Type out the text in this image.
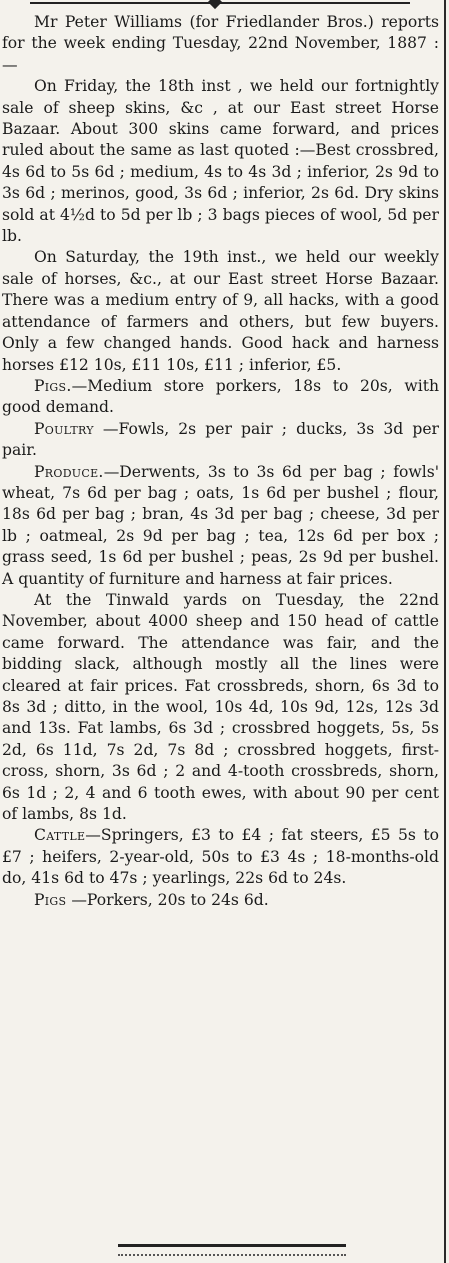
Mr Peter Williams (for Friedlander Bros.) reports for the week ending Tuesday, 22nd November, 1887 :—

On Friday, the 18th inst , we held our fortnightly sale of sheep skins, &c , at our East street Horse Bazaar. About 300 skins came forward, and prices ruled about the same as last quoted :—Best crossbred, 4s 6d to 5s 6d ; medium, 4s to 4s 3d ; inferior, 2s 9d to 3s 6d ; merinos, good, 3s 6d ; inferior, 2s 6d. Dry skins sold at 4½d to 5d per lb ; 3 bags pieces of wool, 5d per lb.

On Saturday, the 19th inst., we held our weekly sale of horses, &c., at our East street Horse Bazaar. There was a medium entry of 9, all hacks, with a good attendance of farmers and others, but few buyers. Only a few changed hands. Good hack and harness horses £12 10s, £11 10s, £11 ; inferior, £5.

Pigs.—Medium store porkers, 18s to 20s, with good demand.

Poultry —Fowls, 2s per pair ; ducks, 3s 3d per pair.

Produce.—Derwents, 3s to 3s 6d per bag ; fowls' wheat, 7s 6d per bag ; oats, 1s 6d per bushel ; flour, 18s 6d per bag ; bran, 4s 3d per bag ; cheese, 3d per lb ; oatmeal, 2s 9d per bag ; tea, 12s 6d per box ; grass seed, 1s 6d per bushel ; peas, 2s 9d per bushel. A quantity of furniture and harness at fair prices.

At the Tinwald yards on Tuesday, the 22nd November, about 4000 sheep and 150 head of cattle came forward. The attendance was fair, and the bidding slack, although mostly all the lines were cleared at fair prices. Fat crossbreds, shorn, 6s 3d to 8s 3d ; ditto, in the wool, 10s 4d, 10s 9d, 12s, 12s 3d and 13s. Fat lambs, 6s 3d ; crossbred hoggets, 5s, 5s 2d, 6s 11d, 7s 2d, 7s 8d ; crossbred hoggets, first-cross, shorn, 3s 6d ; 2 and 4-tooth crossbreds, shorn, 6s 1d ; 2, 4 and 6 tooth ewes, with about 90 per cent of lambs, 8s 1d.

Cattle—Springers, £3 to £4 ; fat steers, £5 5s to £7 ; heifers, 2-year-old, 50s to £3 4s ; 18-months-old do, 41s 6d to 47s ; yearlings, 22s 6d to 24s.

Pigs —Porkers, 20s to 24s 6d.
